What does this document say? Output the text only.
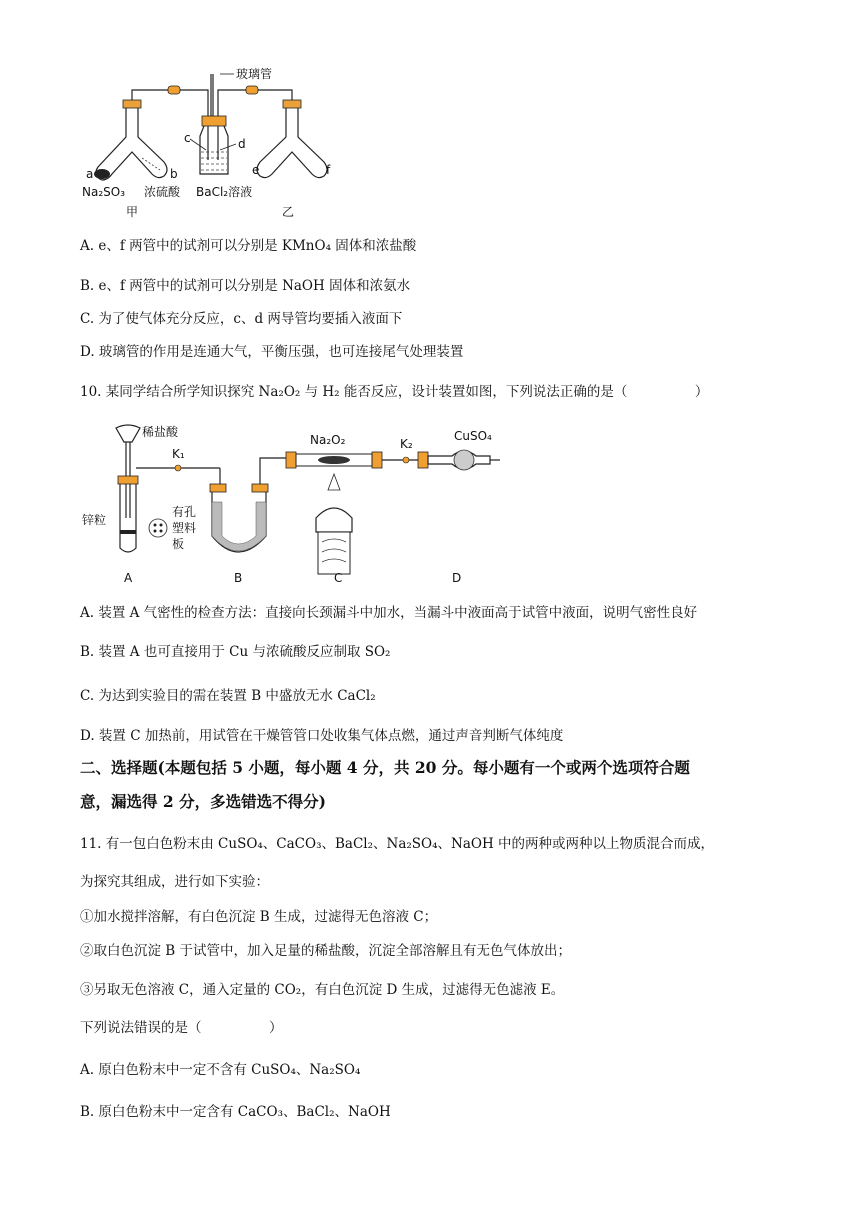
玻璃管
c	d
a	b	e	f
Na₂SO₃ 浓硫酸 BaCl₂溶液
甲	乙
A. e、f 两管中的试剂可以分别是 KMnO₄ 固体和浓盐酸
B. e、f 两管中的试剂可以分别是 NaOH 固体和浓氨水
C. 为了使气体充分反应，c、d 两导管均要插入液面下
D. 玻璃管的作用是连通大气，平衡压强，也可连接尾气处理装置
10. 某同学结合所学知识探究 Na₂O₂ 与 H₂ 能否反应，设计装置如图，下列说法正确的是（　　　　　）
稀盐酸
K₁
Na₂O₂	K₂
CuSO₄
锌粒
有孔
塑料
板
A	B	C	D
A. 装置 A 气密性的检查方法：直接向长颈漏斗中加水，当漏斗中液面高于试管中液面，说明气密性良好
B. 装置 A 也可直接用于 Cu 与浓硫酸反应制取 SO₂
C. 为达到实验目的需在装置 B 中盛放无水 CaCl₂
D. 装置 C 加热前，用试管在干燥管管口处收集气体点燃，通过声音判断气体纯度
二、选择题(本题包括 5 小题，每小题 4 分，共 20 分。每小题有一个或两个选项符合题
意，漏选得 2 分，多选错选不得分)
11. 有一包白色粉末由 CuSO₄、CaCO₃、BaCl₂、Na₂SO₄、NaOH 中的两种或两种以上物质混合而成，
为探究其组成，进行如下实验：
①加水搅拌溶解，有白色沉淀 B 生成，过滤得无色溶液 C；
②取白色沉淀 B 于试管中，加入足量的稀盐酸，沉淀全部溶解且有无色气体放出；
③另取无色溶液 C，通入定量的 CO₂，有白色沉淀 D 生成，过滤得无色滤液 E。
下列说法错误的是（　　　　　）
A. 原白色粉末中一定不含有 CuSO₄、Na₂SO₄
B. 原白色粉末中一定含有 CaCO₃、BaCl₂、NaOH
